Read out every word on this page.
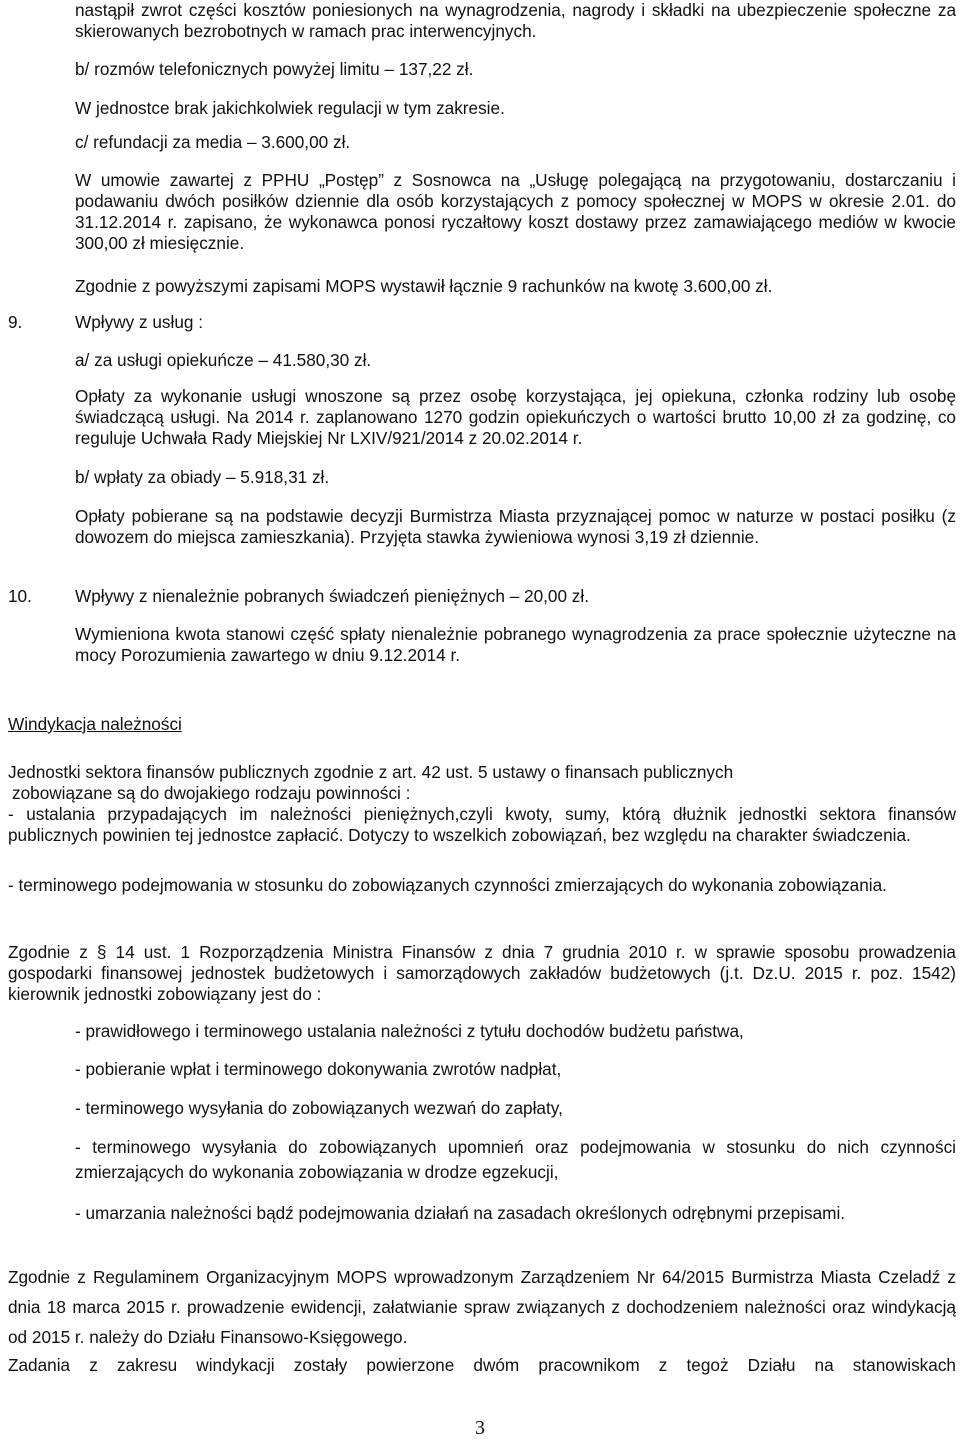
nastąpił zwrot części kosztów poniesionych na wynagrodzenia, nagrody i składki na ubezpieczenie społeczne za skierowanych bezrobotnych w ramach prac interwencyjnych.

b/ rozmów telefonicznych powyżej limitu – 137,22 zł.

W jednostce brak jakichkolwiek regulacji w tym zakresie.

c/ refundacji za media – 3.600,00 zł.

W umowie zawartej z PPHU „Postęp” z Sosnowca na „Usługę polegającą na przygotowaniu, dostarczaniu i podawaniu dwóch posiłków dziennie dla osób korzystających z pomocy społecznej w MOPS w okresie 2.01. do 31.12.2014 r. zapisano, że wykonawca ponosi ryczałtowy koszt dostawy przez zamawiającego mediów w kwocie 300,00 zł miesięcznie.

Zgodnie z powyższymi zapisami MOPS wystawił łącznie 9 rachunków na kwotę 3.600,00 zł.

9.	Wpływy z usług :

a/ za usługi opiekuńcze – 41.580,30 zł.

Opłaty za wykonanie usługi wnoszone są przez osobę korzystająca, jej opiekuna, członka rodziny lub osobę świadczącą usługi. Na 2014 r. zaplanowano 1270 godzin opiekuńczych o wartości brutto 10,00 zł za godzinę, co reguluje Uchwała Rady Miejskiej Nr LXIV/921/2014 z 20.02.2014 r.

b/ wpłaty za obiady – 5.918,31 zł.

Opłaty pobierane są na podstawie decyzji Burmistrza Miasta przyznającej pomoc w naturze w postaci posiłku (z dowozem do miejsca zamieszkania). Przyjęta stawka żywieniowa wynosi 3,19 zł dziennie.

10.	Wpływy z nienależnie pobranych świadczeń pieniężnych – 20,00 zł.

Wymieniona kwota stanowi część spłaty nienależnie pobranego wynagrodzenia za prace społecznie użyteczne na mocy Porozumienia zawartego w dniu 9.12.2014 r.

Windykacja należności

Jednostki sektora finansów publicznych zgodnie z art. 42 ust. 5 ustawy o finansach publicznych

zobowiązane są do dwojakiego rodzaju powinności :

- ustalania przypadających im należności pieniężnych,czyli kwoty, sumy, którą dłużnik jednostki sektora finansów publicznych powinien tej jednostce zapłacić. Dotyczy to wszelkich zobowiązań, bez względu na charakter świadczenia.

- terminowego podejmowania w stosunku do zobowiązanych czynności zmierzających do wykonania zobowiązania.

Zgodnie z § 14 ust. 1 Rozporządzenia Ministra Finansów z dnia 7 grudnia 2010 r. w sprawie sposobu prowadzenia gospodarki finansowej jednostek budżetowych i samorządowych zakładów budżetowych (j.t. Dz.U. 2015 r. poz. 1542) kierownik jednostki zobowiązany jest do :

- prawidłowego i terminowego ustalania należności z tytułu dochodów budżetu państwa,

- pobieranie wpłat i terminowego dokonywania zwrotów nadpłat,

- terminowego wysyłania do zobowiązanych wezwań do zapłaty,

- terminowego wysyłania do zobowiązanych upomnień oraz podejmowania w stosunku do nich czynności zmierzających do wykonania zobowiązania w drodze egzekucji,

- umarzania należności bądź podejmowania działań na zasadach określonych odrębnymi przepisami.

Zgodnie z Regulaminem Organizacyjnym MOPS wprowadzonym Zarządzeniem Nr 64/2015 Burmistrza Miasta Czeladź z dnia 18 marca 2015 r. prowadzenie ewidencji, załatwianie spraw związanych z dochodzeniem należności oraz windykacją od 2015 r. należy do Działu Finansowo-Księgowego.

Zadania z zakresu windykacji zostały powierzone dwóm pracownikom z tegoż Działu na stanowiskach

3
